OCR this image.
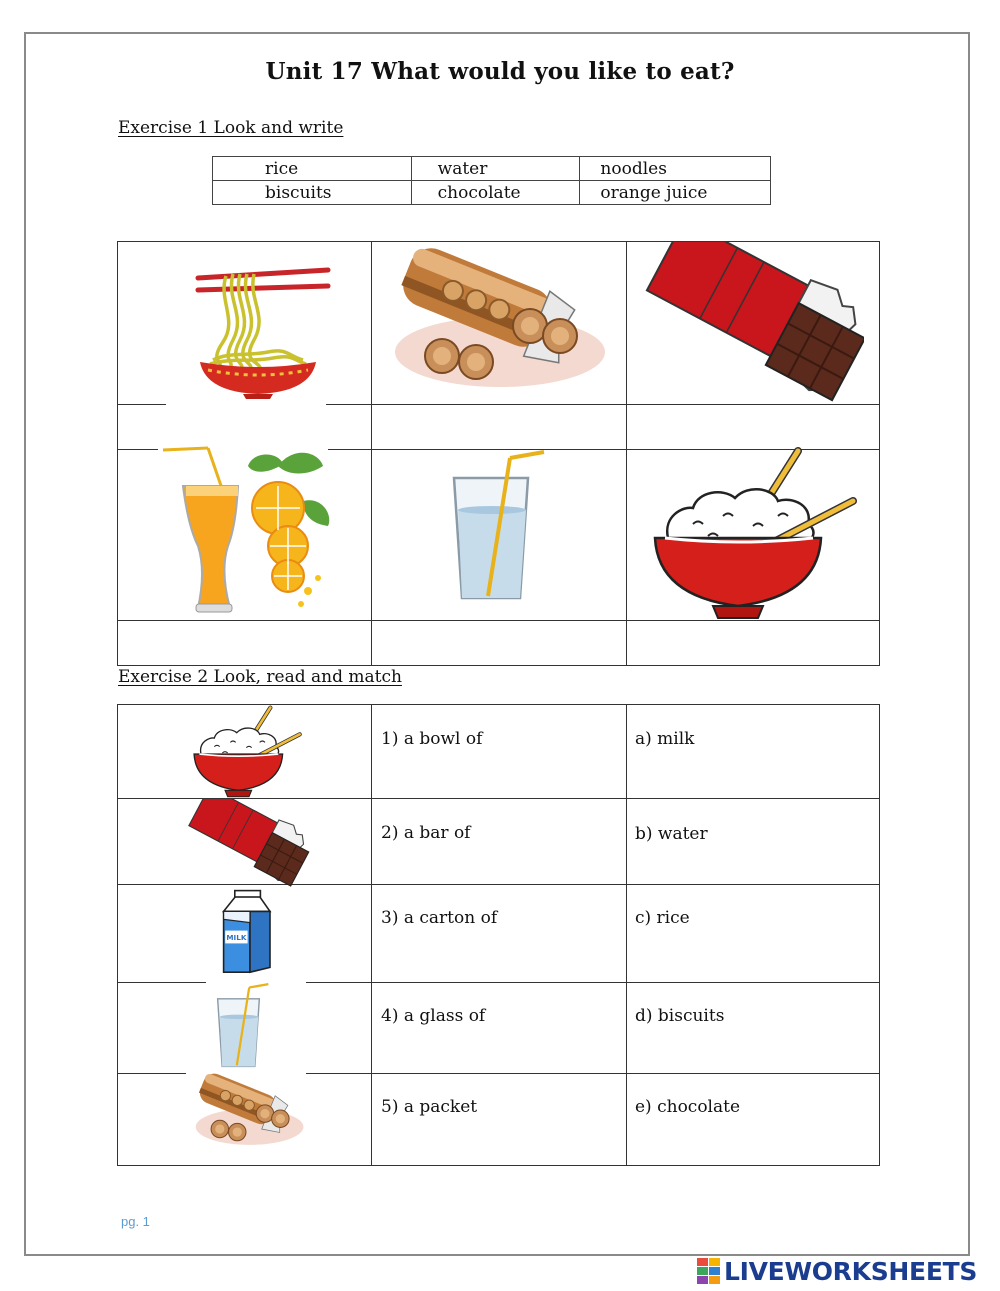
Unit 17 What would you like to eat?
Exercise 1 Look and write
rice	water	noodles

biscuits	chocolate	orange juice
Exercise 2 Look, read and match
1) a bowl of	a) milk
2) a bar of	b) water
3) a carton of	c) rice
4) a glass of	d) biscuits
5) a packet	e) chocolate
pg. 1
LIVEWORKSHEETS
